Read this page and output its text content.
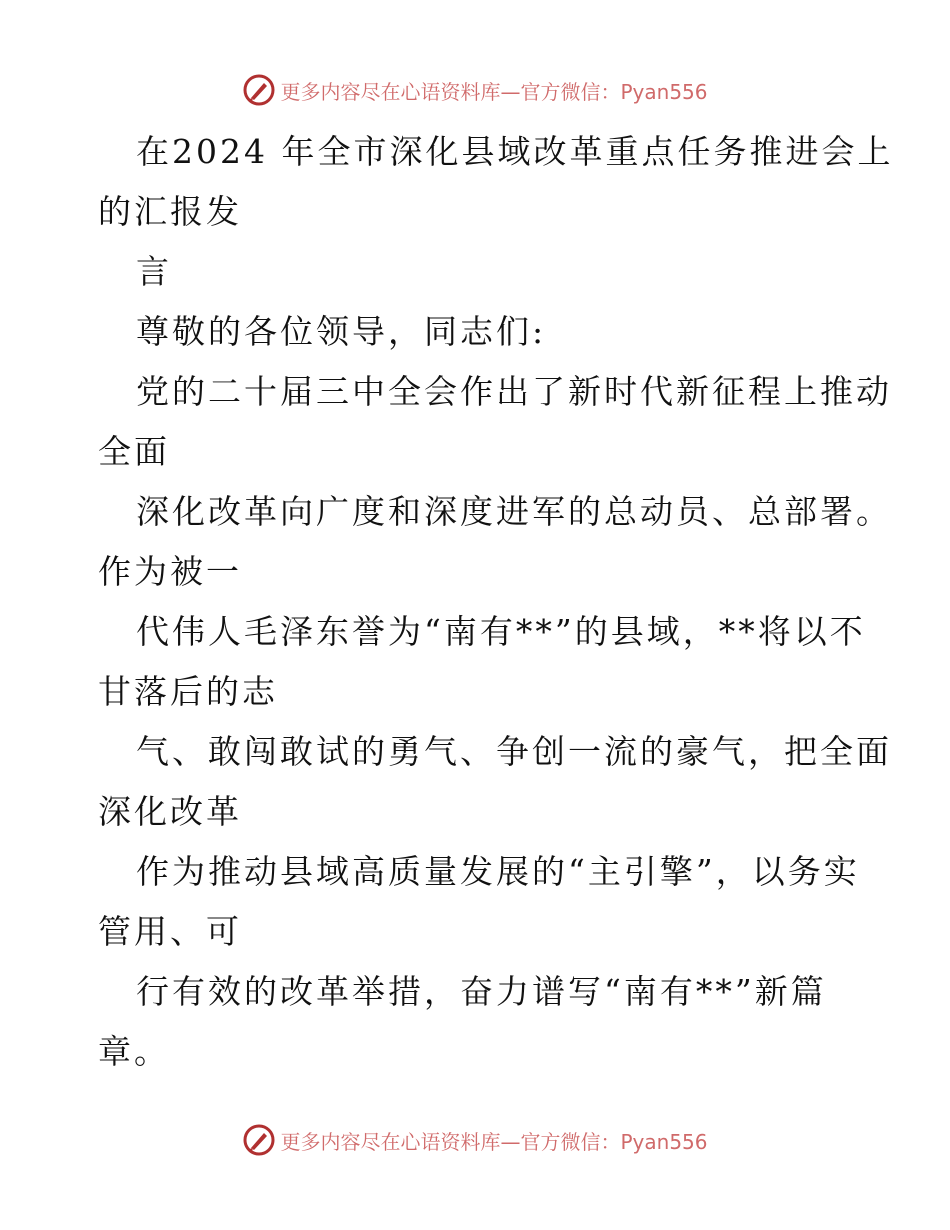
更多内容尽在心语资料库—官方微信：Pyan556
在2024 年全市深化县域改革重点任务推进会上
的汇报发
言
尊敬的各位领导，同志们:
党的二十届三中全会作出了新时代新征程上推动
全面
深化改革向广度和深度进军的总动员、总部署。
作为被一
代伟人毛泽东誉为“南有**”的县域，**将以不
甘落后的志
气、敢闯敢试的勇气、争创一流的豪气，把全面
深化改革
作为推动县域高质量发展的“主引擎”，以务实
管用、可
行有效的改革举措，奋力谱写“南有**”新篇
章。
更多内容尽在心语资料库—官方微信：Pyan556
